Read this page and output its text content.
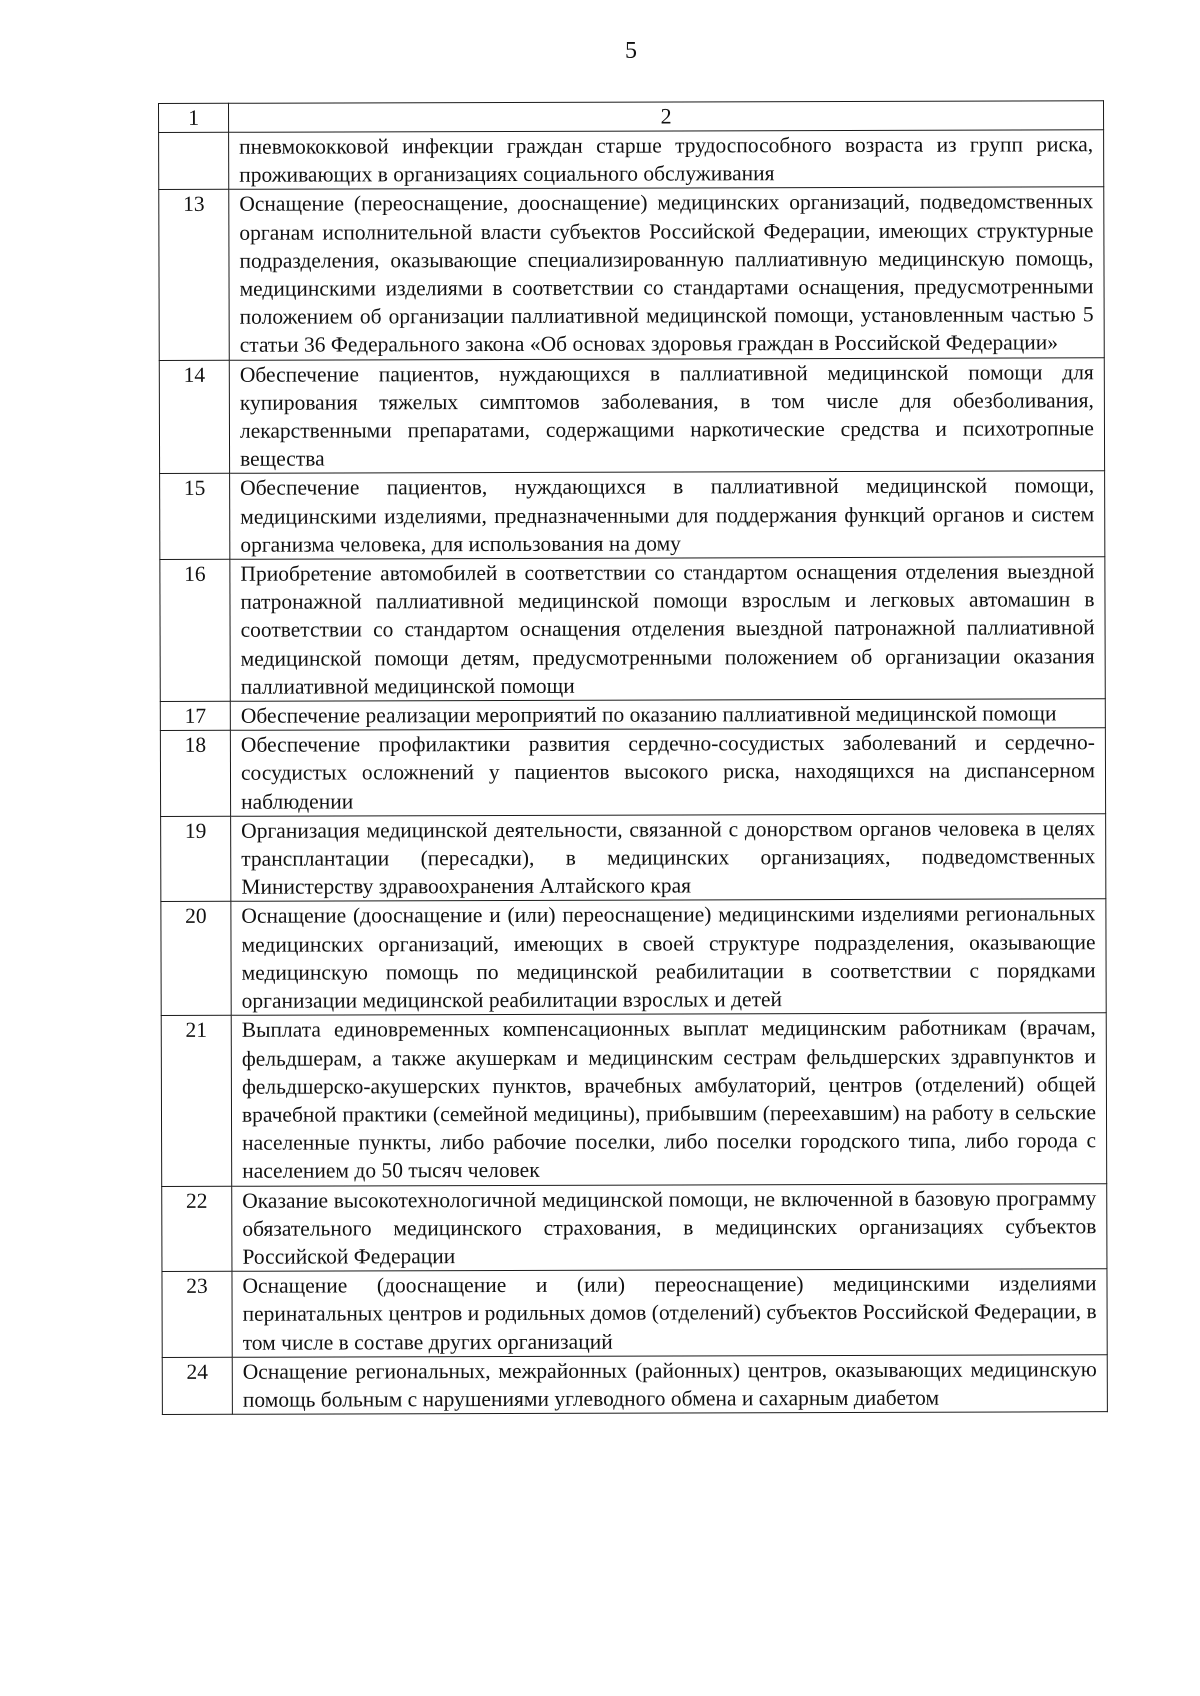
5
1	2
	пневмококковой инфекции граждан старше трудоспособного возраста из групп риска, проживающих в организациях социального обслуживания
13	Оснащение (переоснащение, дооснащение) медицинских организаций, подведомственных органам исполнительной власти субъектов Российской Федерации, имеющих структурные подразделения, оказывающие специализированную паллиативную медицинскую помощь, медицинскими изделиями в соответствии со стандартами оснащения, предусмотренными положением об организации паллиативной медицинской помощи, установленным частью 5 статьи 36 Федерального закона «Об основах здоровья граждан в Российской Федерации»
14	Обеспечение пациентов, нуждающихся в паллиативной медицинской помощи для купирования тяжелых симптомов заболевания, в том числе для обезболивания, лекарственными препаратами, содержащими наркотические средства и психотропные вещества
15	Обеспечение пациентов, нуждающихся в паллиативной медицинской помощи, медицинскими изделиями, предназначенными для поддержания функций органов и систем организма человека, для использования на дому
16	Приобретение автомобилей в соответствии со стандартом оснащения отделения выездной патронажной паллиативной медицинской помощи взрослым и легковых автомашин в соответствии со стандартом оснащения отделения выездной патронажной паллиативной медицинской помощи детям, предусмотренными положением об организации оказания паллиативной медицинской помощи
17	Обеспечение реализации мероприятий по оказанию паллиативной медицинской помощи
18	Обеспечение профилактики развития сердечно-сосудистых заболеваний и сердечно-сосудистых осложнений у пациентов высокого риска, находящихся на диспансерном наблюдении
19	Организация медицинской деятельности, связанной с донорством органов человека в целях трансплантации (пересадки), в медицинских организациях, подведомственных Министерству здравоохранения Алтайского края
20	Оснащение (дооснащение и (или) переоснащение) медицинскими изделиями региональных медицинских организаций, имеющих в своей структуре подразделения, оказывающие медицинскую помощь по медицинской реабилитации в соответствии с порядками организации медицинской реабилитации взрослых и детей
21	Выплата единовременных компенсационных выплат медицинским работникам (врачам, фельдшерам, а также акушеркам и медицинским сестрам фельдшерских здравпунктов и фельдшерско-акушерских пунктов, врачебных амбулаторий, центров (отделений) общей врачебной практики (семейной медицины), прибывшим (переехавшим) на работу в сельские населенные пункты, либо рабочие поселки, либо поселки городского типа, либо города с населением до 50 тысяч человек
22	Оказание высокотехнологичной медицинской помощи, не включенной в базовую программу обязательного медицинского страхования, в медицинских организациях субъектов Российской Федерации
23	Оснащение (дооснащение и (или) переоснащение) медицинскими изделиями перинатальных центров и родильных домов (отделений) субъектов Российской Федерации, в том числе в составе других организаций
24	Оснащение региональных, межрайонных (районных) центров, оказывающих медицинскую помощь больным с нарушениями углеводного обмена и сахарным диабетом
